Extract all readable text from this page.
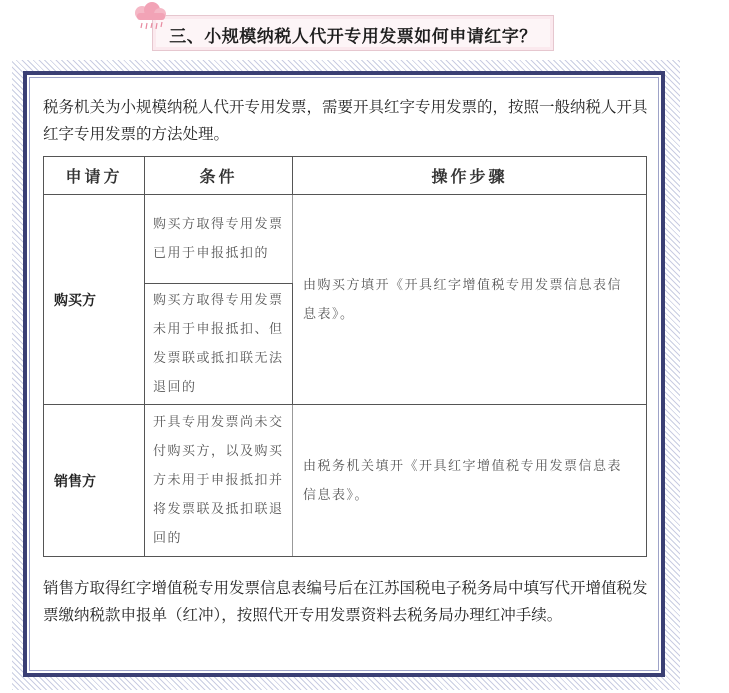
三、小规模纳税人代开专用发票如何申请红字？
税务机关为小规模纳税人代开专用发票，需要开具红字专用发票的，按照一般纳税人开具红字专用发票的方法处理。
申请方	条件	操作步骤
购买方	购买方取得专用发票已用于申报抵扣的	由购买方填开《开具红字增值税专用发票信息表信息表》。
	购买方取得专用发票未用于申报抵扣、但发票联或抵扣联无法退回的	
销售方	开具专用发票尚未交付购买方，以及购买方未用于申报抵扣并将发票联及抵扣联退回的	由税务机关填开《开具红字增值税专用发票信息表信息表》。
销售方取得红字增值税专用发票信息表编号后在江苏国税电子税务局中填写代开增值税发票缴纳税款申报单（红冲），按照代开专用发票资料去税务局办理红冲手续。
